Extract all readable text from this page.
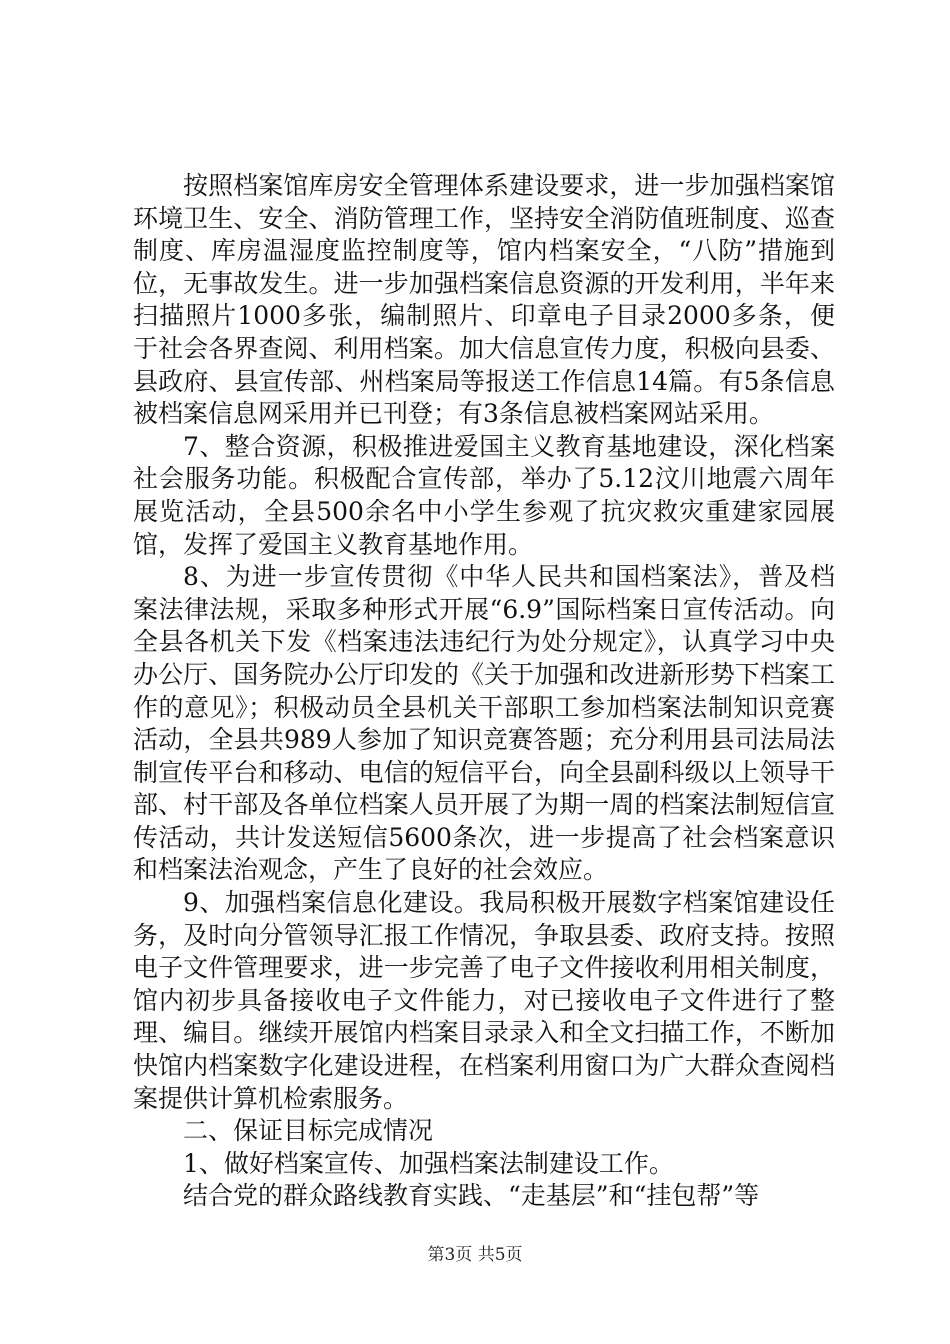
按照档案馆库房安全管理体系建设要求，进一步加强档案馆环境卫生、安全、消防管理工作，坚持安全消防值班制度、巡查制度、库房温湿度监控制度等，馆内档案安全，“八防”措施到位，无事故发生。进一步加强档案信息资源的开发利用，半年来扫描照片1000多张，编制照片、印章电子目录2000多条，便于社会各界查阅、利用档案。加大信息宣传力度，积极向县委、县政府、县宣传部、州档案局等报送工作信息14篇。有5条信息被档案信息网采用并已刊登；有3条信息被档案网站采用。

7、整合资源，积极推进爱国主义教育基地建设，深化档案社会服务功能。积极配合宣传部，举办了5.12汶川地震六周年展览活动，全县500余名中小学生参观了抗灾救灾重建家园展馆，发挥了爱国主义教育基地作用。

8、为进一步宣传贯彻《中华人民共和国档案法》，普及档案法律法规，采取多种形式开展“6.9”国际档案日宣传活动。向全县各机关下发《档案违法违纪行为处分规定》，认真学习中央办公厅、国务院办公厅印发的《关于加强和改进新形势下档案工作的意见》；积极动员全县机关干部职工参加档案法制知识竞赛活动，全县共989人参加了知识竞赛答题；充分利用县司法局法制宣传平台和移动、电信的短信平台，向全县副科级以上领导干部、村干部及各单位档案人员开展了为期一周的档案法制短信宣传活动，共计发送短信5600条次，进一步提高了社会档案意识和档案法治观念，产生了良好的社会效应。

9、加强档案信息化建设。我局积极开展数字档案馆建设任务，及时向分管领导汇报工作情况，争取县委、政府支持。按照电子文件管理要求，进一步完善了电子文件接收利用相关制度，馆内初步具备接收电子文件能力，对已接收电子文件进行了整理、编目。继续开展馆内档案目录录入和全文扫描工作，不断加快馆内档案数字化建设进程，在档案利用窗口为广大群众查阅档案提供计算机检索服务。

二、保证目标完成情况

1、做好档案宣传、加强档案法制建设工作。

结合党的群众路线教育实践、“走基层”和“挂包帮”等

第3页 共5页
